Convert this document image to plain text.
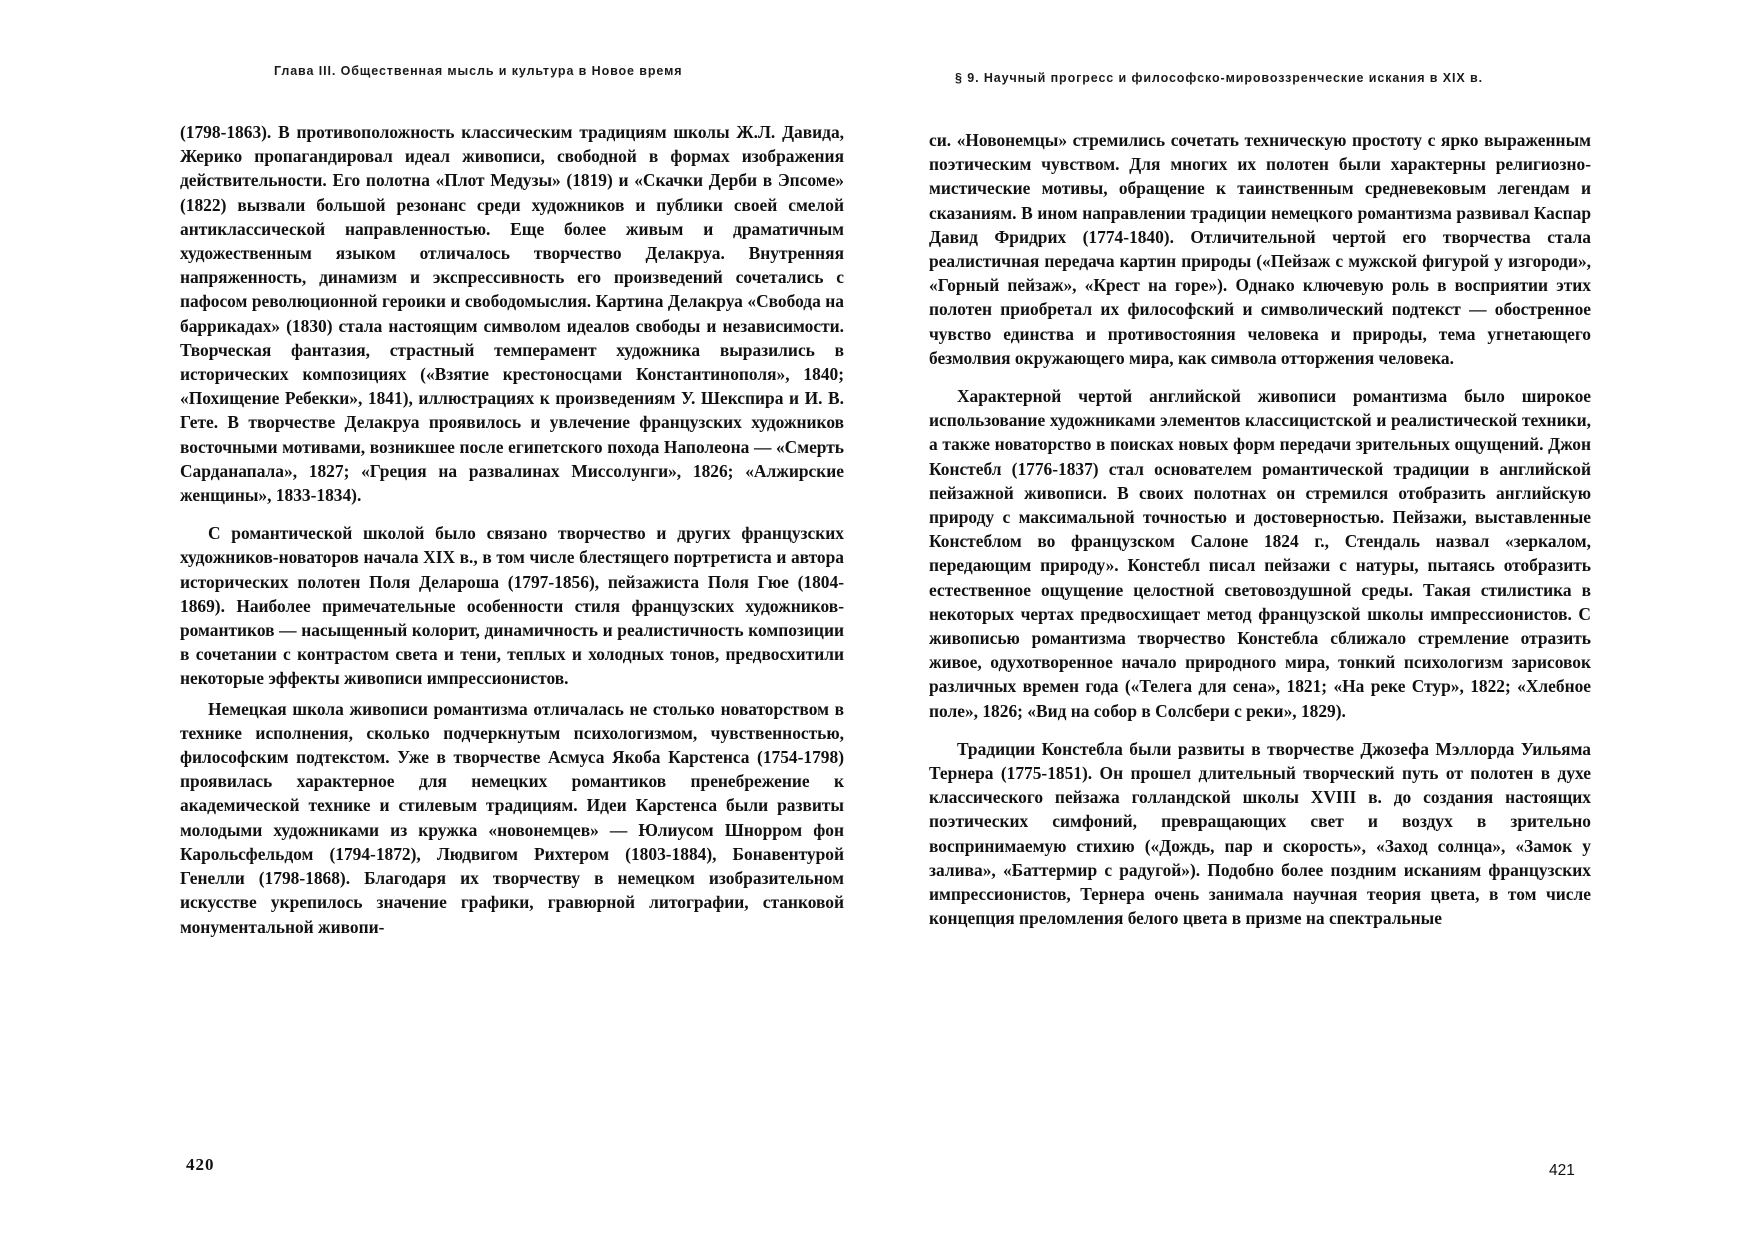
Глава III. Общественная мысль и культура в Новое время

(1798-1863). В противоположность классическим традициям школы Ж.Л. Давида, Жерико пропагандировал идеал живописи, свободной в формах изображения действительности. Его полотна «Плот Медузы» (1819) и «Скачки Дерби в Эпсоме» (1822) вызвали большой резонанс среди художников и публики своей смелой антиклассической направленностью. Еще более живым и драматичным художественным языком отличалось творчество Делакруа. Внутренняя напряженность, динамизм и экспрессивность его произведений сочетались с пафосом революционной героики и свободомыслия. Картина Делакруа «Свобода на баррикадах» (1830) стала настоящим символом идеалов свободы и независимости. Творческая фантазия, страстный темперамент художника выразились в исторических композициях («Взятие крестоносцами Константинополя», 1840; «Похищение Ребекки», 1841), иллюстрациях к произведениям У. Шекспира и И. В. Гете. В творчестве Делакруа проявилось и увлечение французских художников восточными мотивами, возникшее после египетского похода Наполеона — «Смерть Сарданапала», 1827; «Греция на развалинах Миссолунги», 1826; «Алжирские женщины», 1833-1834).

С романтической школой было связано творчество и других французских художников-новаторов начала XIX в., в том числе блестящего портретиста и автора исторических полотен Поля Делароша (1797-1856), пейзажиста Поля Гюе (1804-1869). Наиболее примечательные особенности стиля французских художников-романтиков — насыщенный колорит, динамичность и реалистичность композиции в сочетании с контрастом света и тени, теплых и холодных тонов, предвосхитили некоторые эффекты живописи импрессионистов.

Немецкая школа живописи романтизма отличалась не столько новаторством в технике исполнения, сколько подчеркнутым психологизмом, чувственностью, философским подтекстом. Уже в творчестве Асмуса Якоба Карстенса (1754-1798) проявилась характерное для немецких романтиков пренебрежение к академической технике и стилевым традициям. Идеи Карстенса были развиты молодыми художниками из кружка «новонемцев» — Юлиусом Шнорром фон Карольсфельдом (1794-1872), Людвигом Рихтером (1803-1884), Бонавентурой Генелли (1798-1868). Благодаря их творчеству в немецком изобразительном искусстве укрепилось значение графики, гравюрной литографии, станковой монументальной живопи-

420
§ 9. Научный прогресс и философско-мировоззренческие искания в XIX в.

си. «Новонемцы» стремились сочетать техническую простоту с ярко выраженным поэтическим чувством. Для многих их полотен были характерны религиозно-мистические мотивы, обращение к таинственным средневековым легендам и сказаниям. В ином направлении традиции немецкого романтизма развивал Каспар Давид Фридрих (1774-1840). Отличительной чертой его творчества стала реалистичная передача картин природы («Пейзаж с мужской фигурой у изгороди», «Горный пейзаж», «Крест на горе»). Однако ключевую роль в восприятии этих полотен приобретал их философский и символический подтекст — обостренное чувство единства и противостояния человека и природы, тема угнетающего безмолвия окружающего мира, как символа отторжения человека.

Характерной чертой английской живописи романтизма было широкое использование художниками элементов классицистской и реалистической техники, а также новаторство в поисках новых форм передачи зрительных ощущений. Джон Констебл (1776-1837) стал основателем романтической традиции в английской пейзажной живописи. В своих полотнах он стремился отобразить английскую природу с максимальной точностью и достоверностью. Пейзажи, выставленные Констеблом во французском Салоне 1824 г., Стендаль назвал «зеркалом, передающим природу». Констебл писал пейзажи с натуры, пытаясь отобразить естественное ощущение целостной световоздушной среды. Такая стилистика в некоторых чертах предвосхищает метод французской школы импрессионистов. С живописью романтизма творчество Констебла сближало стремление отразить живое, одухотворенное начало природного мира, тонкий психологизм зарисовок различных времен года («Телега для сена», 1821; «На реке Стур», 1822; «Хлебное поле», 1826; «Вид на собор в Солсбери с реки», 1829).

Традиции Констебла были развиты в творчестве Джозефа Мэллорда Уильяма Тернера (1775-1851). Он прошел длительный творческий путь от полотен в духе классического пейзажа голландской школы XVIII в. до создания настоящих поэтических симфоний, превращающих свет и воздух в зрительно воспринимаемую стихию («Дождь, пар и скорость», «Заход солнца», «Замок у залива», «Баттермир с радугой»). Подобно более поздним исканиям французских импрессионистов, Тернера очень занимала научная теория цвета, в том числе концепция преломления белого цвета в призме на спектральные

421
